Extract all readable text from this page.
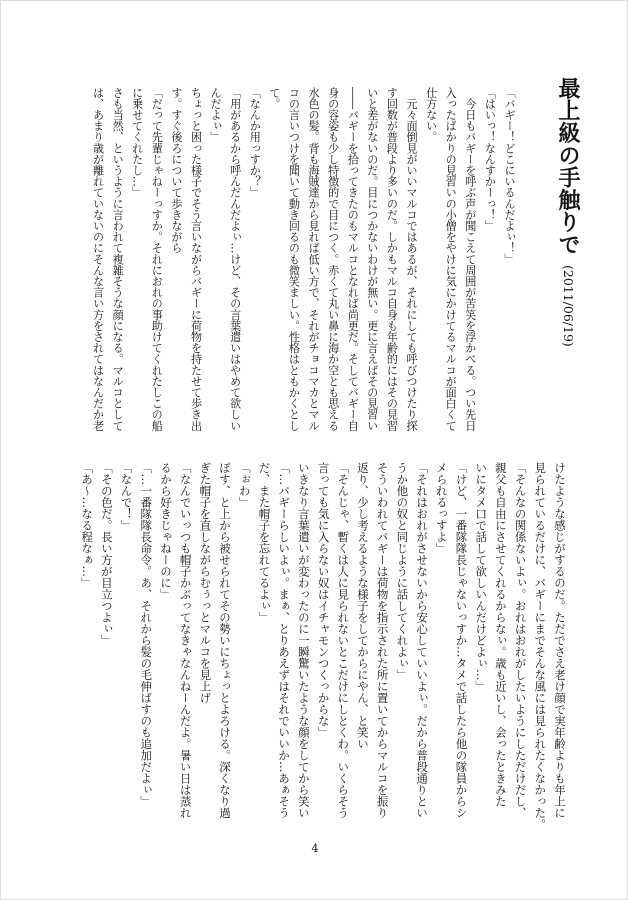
最上級の手触りで(2011/06/19)
「バギー！どこにいるんだよぃ！」
「はいっ！なんすかーっ！」
　今日もバギーを呼ぶ声が聞こえて周囲が苦笑を浮かべる。つい先日
入ったばかりの見習いの小僧をやけに気にかけてるマルコが面白くて
仕方ない。
　元々面倒見がいいマルコではあるが、それにしても呼びつけたり探
す回数が普段より多いのだ。しかもマルコ自身も年齢的にはその見習
いと差がないのだ。目につかないわけが無い。更に言えばその見習い
――バギーを拾ってきたのもマルコとなれば尚更だ。そしてバギー自
身の容姿も少し特徴的で目につく。赤くて丸い鼻に海か空とも思える
水色の髪。背も海賊達から見れば低い方で、それがチョコマカとマル
コの言いつけを聞いて動き回るのも微笑ましい。性格はともかくとし
て。
「なんか用っすか？」
「用があるから呼んだんだよぃ…けど、その言葉遣いはやめて欲しい
んだよぃ」
ちょっと困った様子でそう言いながらバギーに荷物を持たせて歩き出
す。すぐ後ろについて歩きながら
「だって先輩じゃねーっすか。それにおれの事助けてくれたしこの船
に乗せてくれたし…」
さも当然、というように言われて複雑そうな顔になる。マルコとして
は、あまり歳が離れていないのにそんな言い方をされてはなんだか老
けたような感じがするのだ。ただでさえ老け顔で実年齢よりも年上に
見られているだけに、バギーにまでそんな風には見られたくなかった。
「そんなの関係ないよぃ。おれはおれがしたいようにしただけだし、
親父も自由にさせてくれるからなぃ。歳も近いし、会ったときみた
いにタメ口で話して欲しいんだけどよぃ…」
「けど、一番隊隊長じゃないっすか…タメで話したら他の隊員からシ
メられるっすよ」
「それはおれがさせないから安心していいよぃ。だから普段通りとい
うか他の奴と同じように話してくれよぃ」
そういわれてバギーは荷物を指示された所に置いてからマルコを振り
返り、少し考えるような様子をしてからにやん、と笑い
「そんじゃ、暫くは人に見られないとこだけにしとくわ。いくらそう
言っても気に入らない奴はイチャモンつくっからな」
いきなり言葉遣いが変わったのに一瞬驚いたような顔をしてから笑い
「…バギーらしいよぃ。まぁ、とりあえずはそれでいいか…あぁそう
だ、また帽子を忘れてるよぃ」
「ぉわ」
ぽす、と上から被せられてその勢いにちょっとよろける。深くなり過
ぎた帽子を直しながらむぅっとマルコを見上げ
「なんでいっつも帽子かぶってなきゃなんねーんだよ。暑い日は蒸れ
るから好きじゃねーのに」
「…一番隊隊長命令。あ、それから髪の毛伸ばすのも追加だよぃ」
「なんで！」
「その色だ。長い方が目立つよぃ」
「あ～…なる程なぁ…」
4
